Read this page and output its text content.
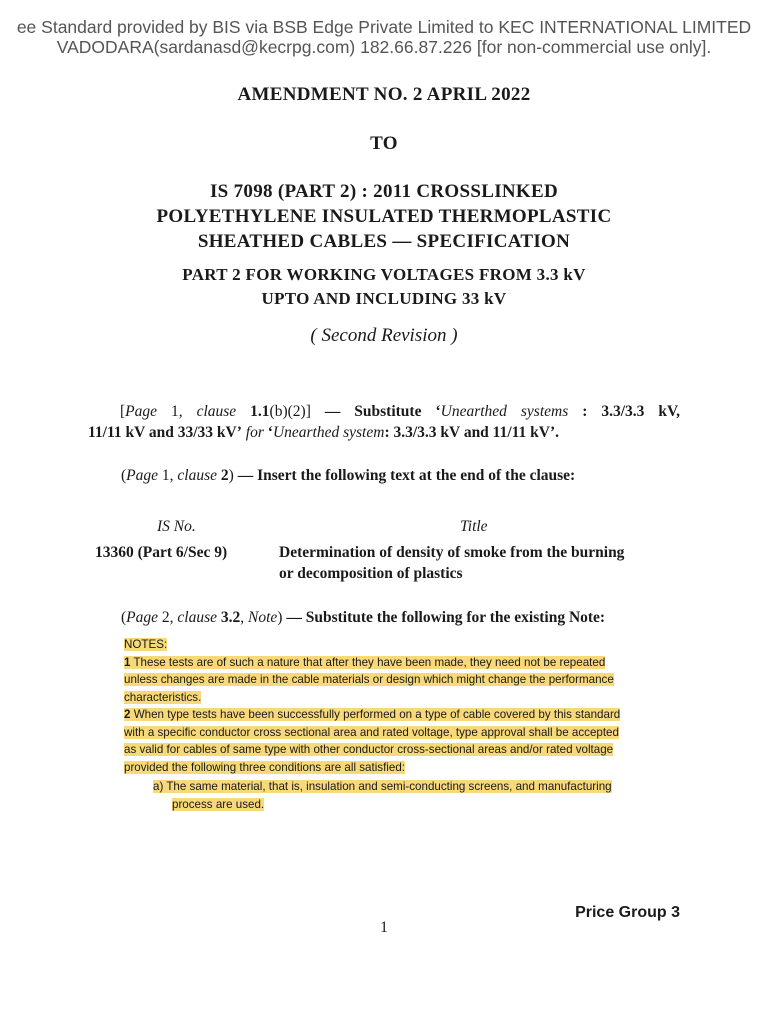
ee Standard provided by BIS via BSB Edge Private Limited to KEC INTERNATIONAL LIMITED
VADODARA(sardanasd@kecrpg.com) 182.66.87.226 [for non-commercial use only].
AMENDMENT NO. 2 APRIL 2022
TO
IS 7098 (PART 2) : 2011 CROSSLINKED
POLYETHYLENE INSULATED THERMOPLASTIC
SHEATHED CABLES — SPECIFICATION
PART 2 FOR WORKING VOLTAGES FROM 3.3 kV
UPTO AND INCLUDING 33 kV
( Second Revision )
[Page 1, clause 1.1(b)(2)] — Substitute ‘Unearthed systems : 3.3/3.3 kV,
11/11 kV and 33/33 kV’ for ‘Unearthed system: 3.3/3.3 kV and 11/11 kV’.
(Page 1, clause 2) — Insert the following text at the end of the clause:
IS No.	Title
13360 (Part 6/Sec 9)	Determination of density of smoke from the burning
or decomposition of plastics
(Page 2, clause 3.2, Note) — Substitute the following for the existing Note:
NOTES:
1 These tests are of such a nature that after they have been made, they need not be repeated
unless changes are made in the cable materials or design which might change the performance
characteristics.
2 When type tests have been successfully performed on a type of cable covered by this standard
with a specific conductor cross sectional area and rated voltage, type approval shall be accepted
as valid for cables of same type with other conductor cross-sectional areas and/or rated voltage
provided the following three conditions are all satisfied:
a) The same material, that is, insulation and semi-conducting screens, and manufacturing
process are used.
Price Group 3
1
